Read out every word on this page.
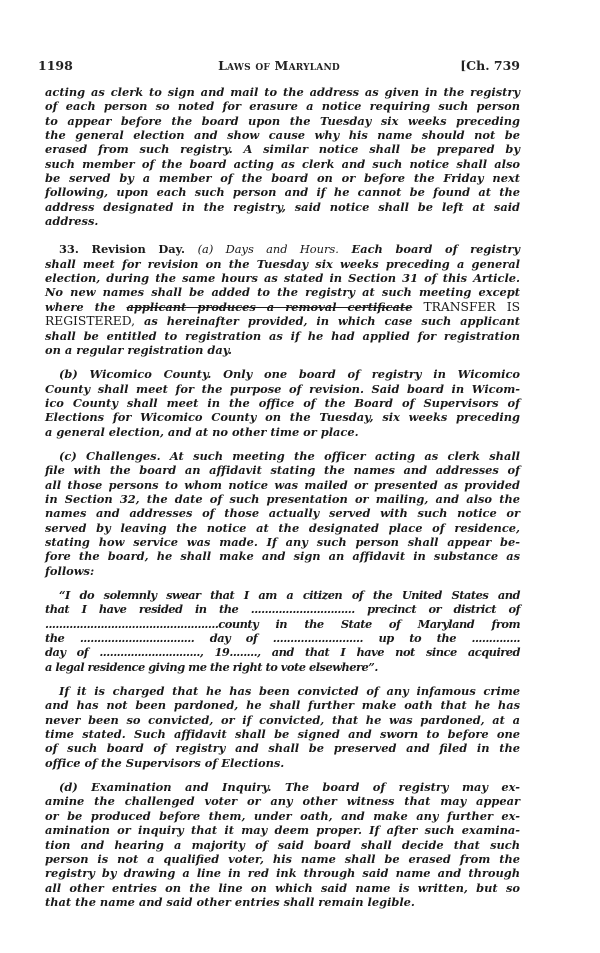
1198	Laws of Maryland	[Ch. 739

acting as clerk to sign and mail to the address as given in the registry
of each person so noted for erasure a notice requiring such person
to appear before the board upon the Tuesday six weeks preceding
the general election and show cause why his name should not be
erased from such registry. A similar notice shall be prepared by
such member of the board acting as clerk and such notice shall also
be served by a member of the board on or before the Friday next
following, upon each such person and if he cannot be found at the
address designated in the registry, said notice shall be left at said
address.

33. Revision Day. (a) Days and Hours. Each board of registry
shall meet for revision on the Tuesday six weeks preceding a general
election, during the same hours as stated in Section 31 of this Article.
No new names shall be added to the registry at such meeting except
where the applicant produces a removal certificate TRANSFER IS
REGISTERED, as hereinafter provided, in which case such applicant
shall be entitled to registration as if he had applied for registration
on a regular registration day.

(b) Wicomico County. Only one board of registry in Wicomico
County shall meet for the purpose of revision. Said board in Wicom-
ico County shall meet in the office of the Board of Supervisors of
Elections for Wicomico County on the Tuesday, six weeks preceding
a general election, and at no other time or place.

(c) Challenges. At such meeting the officer acting as clerk shall
file with the board an affidavit stating the names and addresses of
all those persons to whom notice was mailed or presented as provided
in Section 32, the date of such presentation or mailing, and also the
names and addresses of those actually served with such notice or
served by leaving the notice at the designated place of residence,
stating how service was made. If any such person shall appear be-
fore the board, he shall make and sign an affidavit in substance as
follows:

“I do solemnly swear that I am a citizen of the United States and
that I have resided in the .............................. precinct or district of
..................................................county in the State of Maryland from
the ................................. day of .......................... up to the ..............
day of ............................., 19........, and that I have not since acquired
a legal residence giving me the right to vote elsewhere”.

If it is charged that he has been convicted of any infamous crime
and has not been pardoned, he shall further make oath that he has
never been so convicted, or if convicted, that he was pardoned, at a
time stated. Such affidavit shall be signed and sworn to before one
of such board of registry and shall be preserved and filed in the
office of the Supervisors of Elections.

(d) Examination and Inquiry. The board of registry may ex-
amine the challenged voter or any other witness that may appear
or be produced before them, under oath, and make any further ex-
amination or inquiry that it may deem proper. If after such examina-
tion and hearing a majority of said board shall decide that such
person is not a qualified voter, his name shall be erased from the
registry by drawing a line in red ink through said name and through
all other entries on the line on which said name is written, but so
that the name and said other entries shall remain legible.
